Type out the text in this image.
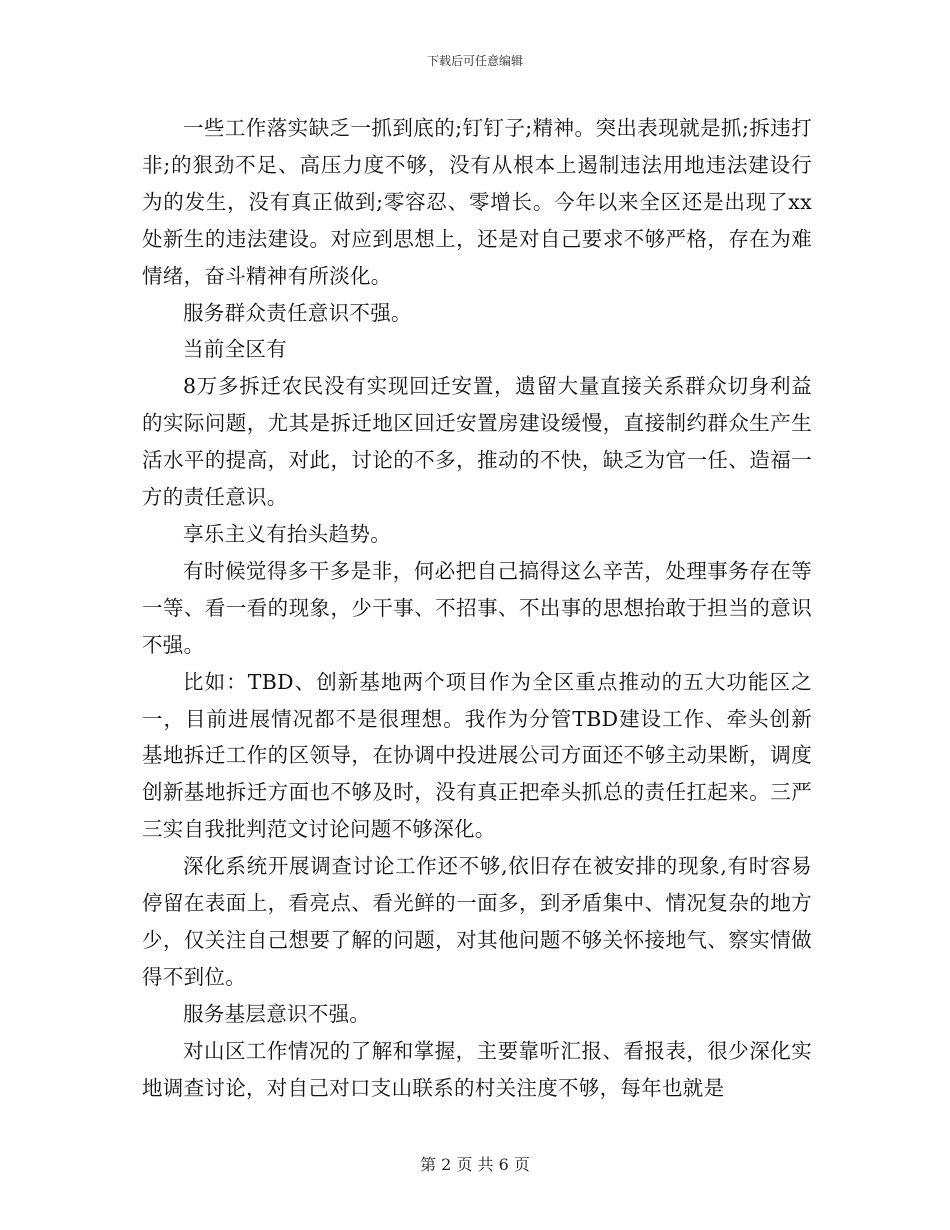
下载后可任意编辑

一些工作落实缺乏一抓到底的;钉钉子;精神。突出表现就是抓;拆违打非;的狠劲不足、高压力度不够，没有从根本上遏制违法用地违法建设行为的发生，没有真正做到;零容忍、零增长。今年以来全区还是出现了xx处新生的违法建设。对应到思想上，还是对自己要求不够严格，存在为难情绪，奋斗精神有所淡化。

服务群众责任意识不强。

当前全区有

8万多拆迁农民没有实现回迁安置，遗留大量直接关系群众切身利益的实际问题，尤其是拆迁地区回迁安置房建设缓慢，直接制约群众生产生活水平的提高，对此，讨论的不多，推动的不快，缺乏为官一任、造福一方的责任意识。

享乐主义有抬头趋势。

有时候觉得多干多是非，何必把自己搞得这么辛苦，处理事务存在等一等、看一看的现象，少干事、不招事、不出事的思想抬敢于担当的意识不强。

比如：TBD、创新基地两个项目作为全区重点推动的五大功能区之一，目前进展情况都不是很理想。我作为分管TBD建设工作、牵头创新基地拆迁工作的区领导，在协调中投进展公司方面还不够主动果断，调度创新基地拆迁方面也不够及时，没有真正把牵头抓总的责任扛起来。三严三实自我批判范文讨论问题不够深化。

深化系统开展调查讨论工作还不够,依旧存在被安排的现象,有时容易停留在表面上，看亮点、看光鲜的一面多，到矛盾集中、情况复杂的地方少，仅关注自己想要了解的问题，对其他问题不够关怀接地气、察实情做得不到位。

服务基层意识不强。

对山区工作情况的了解和掌握，主要靠听汇报、看报表，很少深化实地调查讨论，对自己对口支山联系的村关注度不够，每年也就是

第 2 页 共 6 页
